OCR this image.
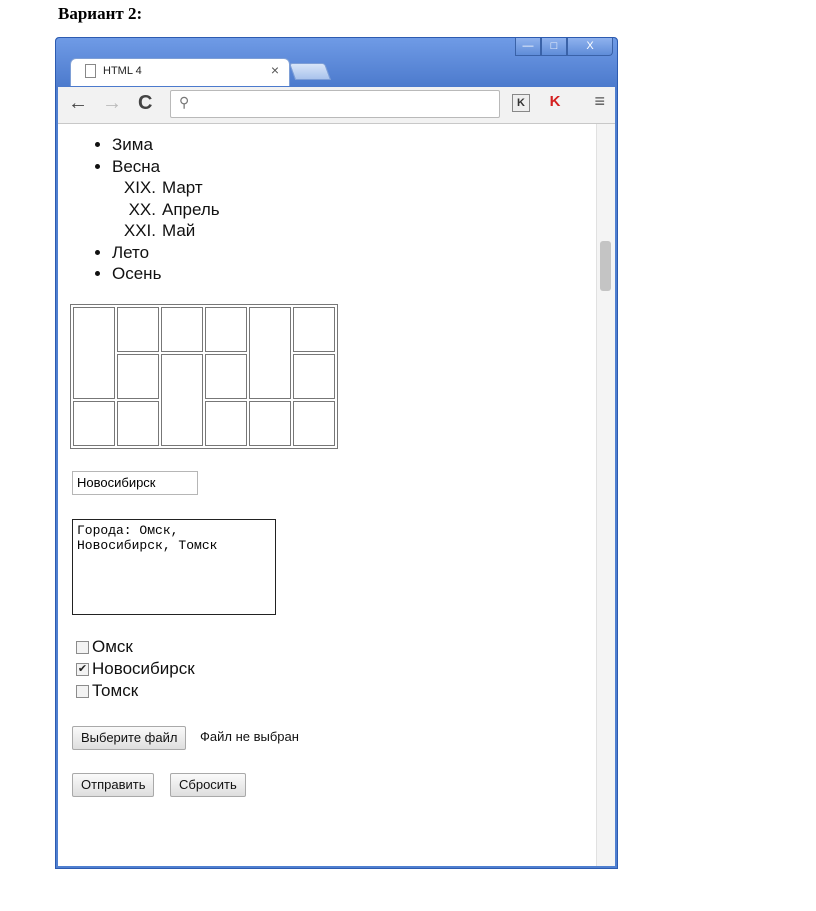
Вариант 2:
—	□	X
HTML 4	×
← → C ⚲	K	K ≡
• Зима
• Весна
XIX. Март
XX. Апрель
XXI. Май
• Лето
• Осень

Новосибирск
Города: Омск,
Новосибирск, Томск
Омск
✔ Новосибирск
Томск
Выберите файл	Файл не выбран
Отправить	Сбросить
